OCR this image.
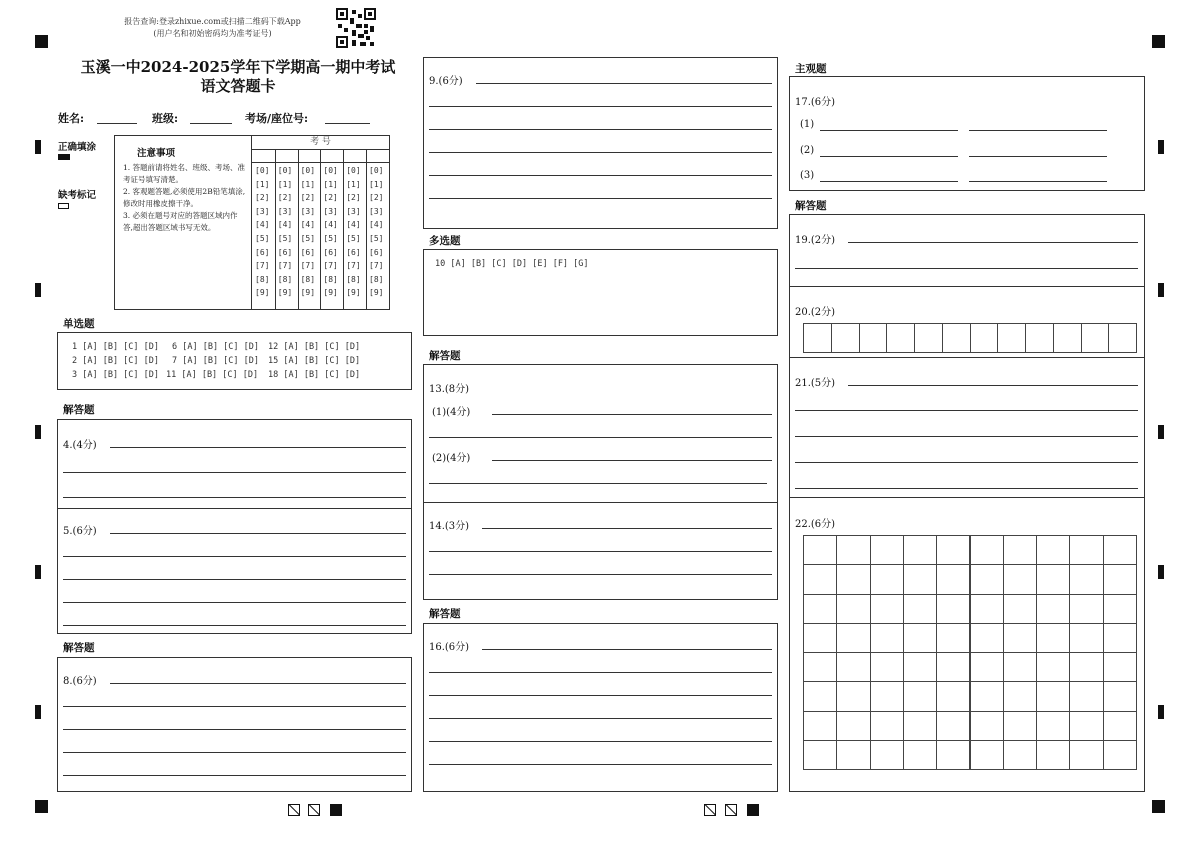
报告查询:登录zhixue.com或扫描二维码下载App
(用户名和初始密码均为准考证号)
玉溪一中2024-2025学年下学期高一期中考试
语文答题卡
姓名:	班级:	考场/座位号:
正确填涂
缺考标记
注意事项
1. 答题前请将姓名、班级、考场、准考证号填写清楚。
2. 客观题答题,必须使用2B铅笔填涂,修改时用橡皮擦干净。
3. 必须在题号对应的答题区域内作答,超出答题区域书写无效。
考 号
[0]
[1]
[2]
[3]
[4]
[5]
[6]
[7]
[8]
[9]
[0]
[1]
[2]
[3]
[4]
[5]
[6]
[7]
[8]
[9]
[0]
[1]
[2]
[3]
[4]
[5]
[6]
[7]
[8]
[9]
[0]
[1]
[2]
[3]
[4]
[5]
[6]
[7]
[8]
[9]
[0]
[1]
[2]
[3]
[4]
[5]
[6]
[7]
[8]
[9]
[0]
[1]
[2]
[3]
[4]
[5]
[6]
[7]
[8]
[9]
单选题
1 [A] [B] [C] [D] 6 [A] [B] [C] [D] 12 [A] [B] [C] [D]
2 [A] [B] [C] [D] 7 [A] [B] [C] [D] 15 [A] [B] [C] [D]
3 [A] [B] [C] [D] 11 [A] [B] [C] [D] 18 [A] [B] [C] [D]
解答题
4.(4分)
5.(6分)
解答题
8.(6分)
9.(6分)
多选题
10 [A] [B] [C] [D] [E] [F] [G]
解答题
13.(8分)
(1)(4分)
(2)(4分)
14.(3分)
解答题
16.(6分)
主观题
17.(6分)
(1)
(2)
(3)
解答题
19.(2分)
20.(2分)
21.(5分)
22.(6分)
